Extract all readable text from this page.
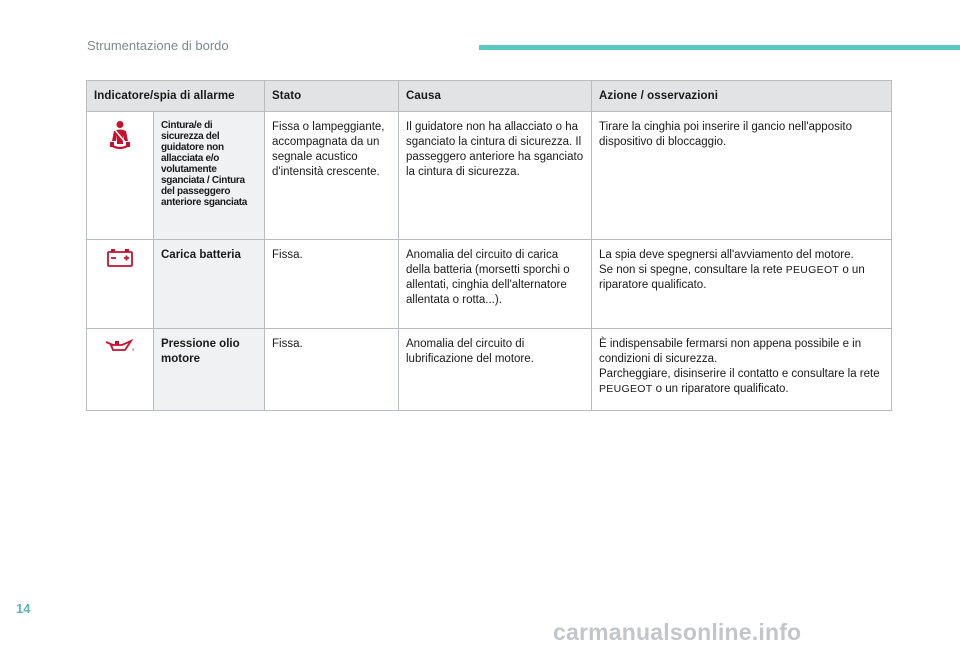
Strumentazione di bordo
Indicatore/spia di allarme		Stato	Causa	Azione / osservazioni
	Cintura/e di sicurezza del guidatore non allacciata e/o volutamente sganciata / Cintura del passeggero anteriore sganciata	Fissa o lampeggiante, accompagnata da un segnale acustico d'intensità crescente.	Il guidatore non ha allacciato o ha sganciato la cintura di sicurezza. Il passeggero anteriore ha sganciato la cintura di sicurezza.	Tirare la cinghia poi inserire il gancio nell'apposito dispositivo di bloccaggio.
	Carica batteria	Fissa.	Anomalia del circuito di carica della batteria (morsetti sporchi o allentati, cinghia dell'alternatore allentata o rotta...).	La spia deve spegnersi all'avviamento del motore.
Se non si spegne, consultare la rete PEUGEOT o un riparatore qualificato.
	Pressione olio motore	Fissa.	Anomalia del circuito di lubrificazione del motore.	È indispensabile fermarsi non appena possibile e in condizioni di sicurezza.
Parcheggiare, disinserire il contatto e consultare la rete PEUGEOT o un riparatore qualificato.
14
carmanualsonline.info
